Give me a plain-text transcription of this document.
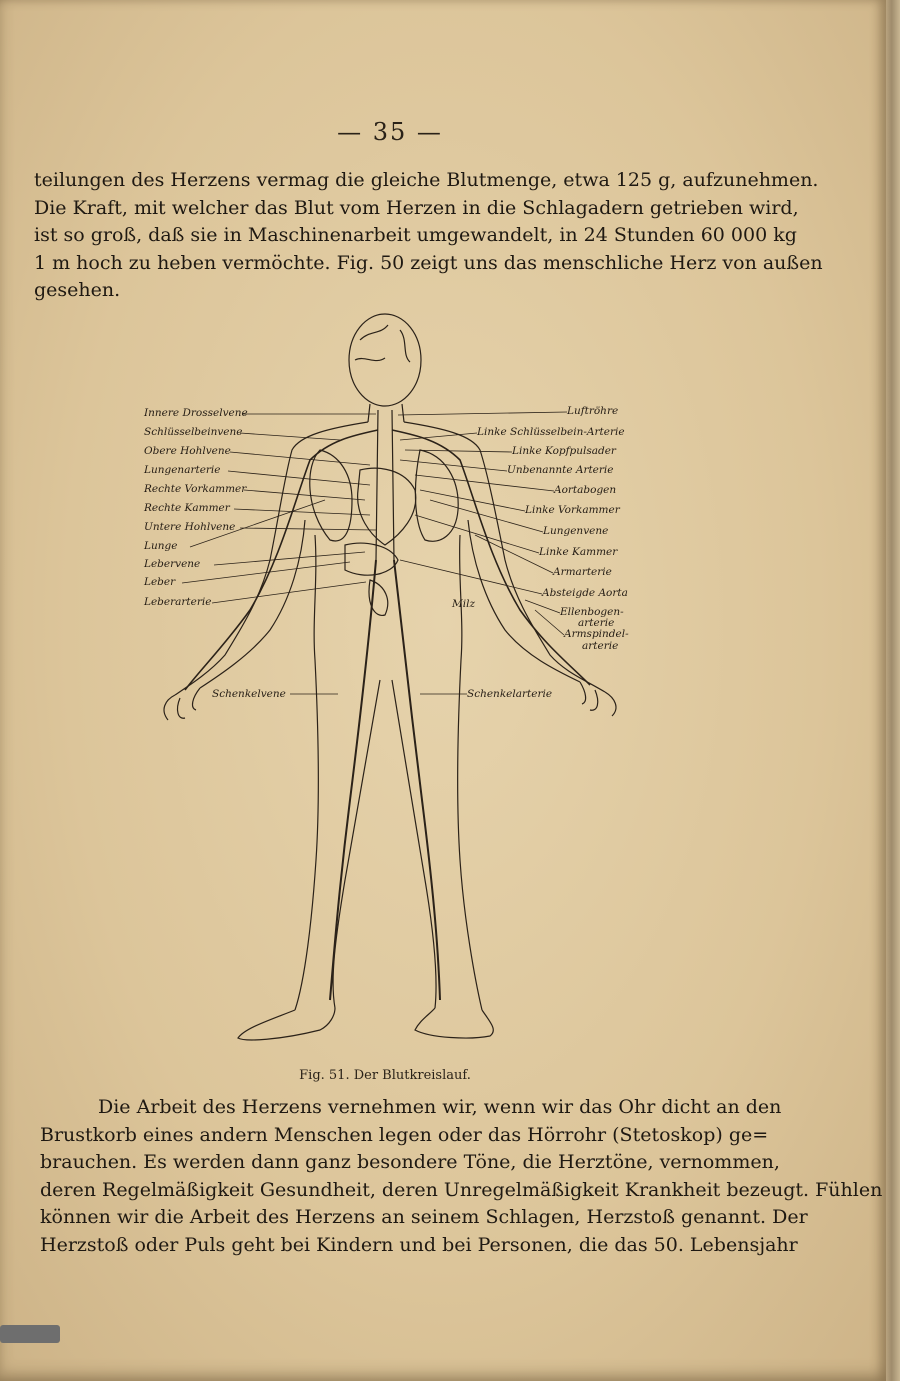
— 35 —
teilungen des Herzens vermag die gleiche Blutmenge, etwa 125 g, aufzunehmen.
Die Kraft, mit welcher das Blut vom Herzen in die Schlagadern getrieben wird,
ist so groß, daß sie in Maschinenarbeit umgewandelt, in 24 Stunden 60 000 kg
1 m hoch zu heben vermöchte. Fig. 50 zeigt uns das menschliche Herz von außen
gesehen.
Innere Drosselvene
Schlüsselbeinvene
Obere Hohlvene
Lungenarterie
Rechte Vorkammer
Rechte Kammer
Untere Hohlvene
Lunge
Lebervene
Leber
Leberarterie
Schenkelvene
Luftröhre
Linke Schlüsselbein-Arterie
Linke Kopfpulsader
Unbenannte Arterie
Aortabogen
Linke Vorkammer
Lungenvene
Linke Kammer
Armarterie
Absteigde Aorta
Ellenbogen-
arterie
Armspindel-
arterie
Milz
Schenkelarterie
Fig. 51. Der Blutkreislauf.
Die Arbeit des Herzens vernehmen wir, wenn wir das Ohr dicht an den
Brustkorb eines andern Menschen legen oder das Hörrohr (Stetoskop) ge=
brauchen. Es werden dann ganz besondere Töne, die Herztöne, vernommen,
deren Regelmäßigkeit Gesundheit, deren Unregelmäßigkeit Krankheit bezeugt. Fühlen
können wir die Arbeit des Herzens an seinem Schlagen, Herzstoß genannt. Der
Herzstoß oder Puls geht bei Kindern und bei Personen, die das 50. Lebensjahr
